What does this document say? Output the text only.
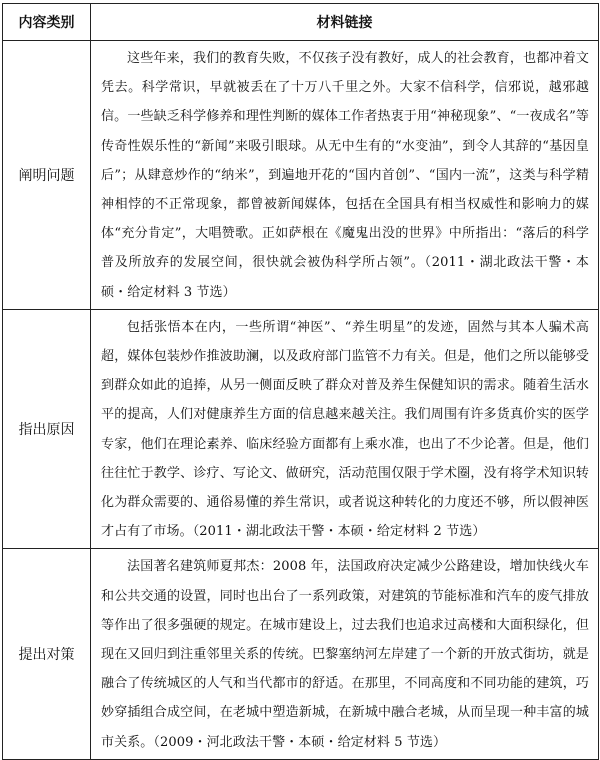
内容类别	材料链接
阐明问题	这些年来，我们的教育失败，不仅孩子没有教好，成人的社会教育，也都冲着文凭去。科学常识，早就被丢在了十万八千里之外。大家不信科学，信邪说，越邪越信。一些缺乏科学修养和理性判断的媒体工作者热衷于用“神秘现象”、“一夜成名”等传奇性娱乐性的“新闻”来吸引眼球。从无中生有的“水变油”，到令人其辞的“基因皇后”；从肆意炒作的“纳米”，到遍地开花的“国内首创”、“国内一流”，这类与科学精神相悖的不正常现象，都曾被新闻媒体，包括在全国具有相当权威性和影响力的媒体“充分肯定”，大唱赞歌。正如萨根在《魔鬼出没的世界》中所指出：“落后的科学普及所放弃的发展空间，很快就会被伪科学所占领”。（2011・湖北政法干警・本硕・给定材料 3 节选）
指出原因	包括张悟本在内，一些所谓“神医”、“养生明星”的发迹，固然与其本人骗术高超，媒体包装炒作推波助澜，以及政府部门监管不力有关。但是，他们之所以能够受到群众如此的追捧，从另一侧面反映了群众对普及养生保健知识的需求。随着生活水平的提高，人们对健康养生方面的信息越来越关注。我们周围有许多货真价实的医学专家，他们在理论素养、临床经验方面都有上乘水准，也出了不少论著。但是，他们往往忙于教学、诊疗、写论文、做研究，活动范围仅限于学术圈，没有将学术知识转化为群众需要的、通俗易懂的养生常识，或者说这种转化的力度还不够，所以假神医才占有了市场。（2011・湖北政法干警・本硕・给定材料 2 节选）
提出对策	法国著名建筑师夏邦杰：2008 年，法国政府决定减少公路建设，增加快线火车和公共交通的设置，同时也出台了一系列政策，对建筑的节能标准和汽车的废气排放等作出了很多强硬的规定。在城市建设上，过去我们也追求过高楼和大面积绿化，但现在又回归到注重邻里关系的传统。巴黎塞纳河左岸建了一个新的开放式街坊，就是融合了传统城区的人气和当代都市的舒适。在那里，不同高度和不同功能的建筑，巧妙穿插组合成空间，在老城中塑造新城，在新城中融合老城，从而呈现一种丰富的城市关系。（2009・河北政法干警・本硕・给定材料 5 节选）
